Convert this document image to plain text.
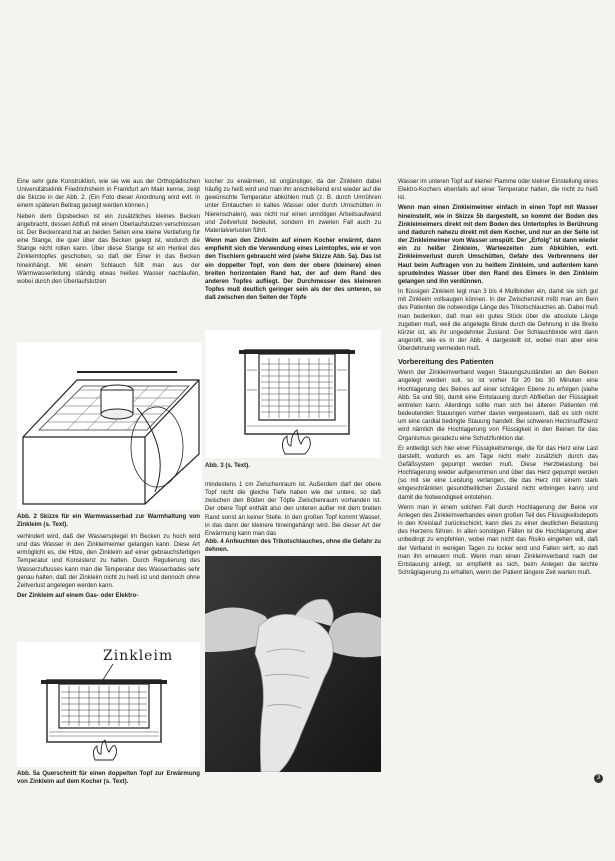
Eine sehr gute Konstruktion, wie sie wie aus der Orthopädischen Universitätsklinik Friedrichsheim in Frankfurt am Main kenne, zeigt die Skizze in der Abb. 2. (Ein Foto dieser Anordnung wird evtl. in einem späteren Beitrag gezeigt werden können.)

Neben dem Gipsbecken ist ein zusätzliches kleines Becken angebracht, dessen Abfluß mit einem Überlaufstutzen verschlossen ist. Der Beckenrand hat an beiden Seiten eine kleine Vertiefung für eine Stange, die quer über das Becken gelegt ist, wodurch die Stange nicht rollen kann. Über diese Stange ist ein Henkel des Zinkleimtopfes geschoben, so daß der Einer in das Becken hineinhängt. Mit einem Schlauch füllt man aus der Wärmwasserleitung ständig etwas heißes Wasser nachlaufen, wobei durch den Überlaufstutzen

Abb. 2 Skizze für ein Warmwasserbad zur Warmhaltung von Zinkleim (s. Text).

verhindert wird, daß der Wasserspiegel im Becken zu hoch wird und das Wasser in den Zinkleimeimer gelangen kann. Diese Art ermöglicht es, die Hitze, den Zinkleim auf einer gebrauchsfertigen Temperatur und Konsistenz zu halten. Durch Regulierung des Wasserzuflusses kann man die Temperatur des Wasserbades sehr genau halten, daß der Zinkleim nicht zu heiß ist und dennoch ohne Zeitverlust angelegen werden kann.

Der Zinkleim auf einem Gas- oder Elektro-

Zinkleim
Abb. 5a Querschnitt für einen doppelten Topf zur Erwärmung von Zinkleim auf dem Kocher (s. Text).

kocher zu erwärmen, ist ungünstiger, da der Zinkleim dabei häufig zu heiß wird und man ihn anschließend erst wieder auf die gewünschte Temperatur abkühlen muß (z. B. durch Umrühren unter Eintauchen in kaltes Wasser oder durch Umschütten in Nierenschalen), was nicht nur einen unnötigen Arbeitsaufwand und Zeitverlust bedeutet, sondern im zweiten Fall auch zu Materialverlusten führt.

Wenn man den Zinkleim auf einem Kocher erwärmt, dann empfiehlt sich die Verwendung eines Leimtopfes, wie er von den Tischlern gebraucht wird (siehe Skizze Abb. 5a). Das ist ein doppelter Topf, von dem der obere (kleinere) einen breiten horizontalen Rand hat, der auf dem Rand des anderen Topfes aufliegt. Der Durchmesser des kleineren Topfes muß deutlich geringer sein als der des unteren, so daß zwischen den Seiten der Töpfe

Abb. 3 (s. Text).

mindestens 1 cm Zwischenraum ist. Außerdem darf der obere Topf nicht die gleiche Tiefe haben wie der untere, so daß zwischen den Böden der Töpfe Zwischenraum vorhanden ist. Der obere Topf enthält also den unteren außer mit dem breiten Rand sonst an keiner Stelle. In den großen Topf kommt Wasser, in das dann der kleinere hineingehängt wird. Bei dieser Art der Erwärmung kann man das

Abb. 4 Anfeuchten des Trikotschlauches, ohne die Gefahr zu dehnen.

Wasser im unteren Topf auf kleiner Flamme oder kleiner Einstellung eines Elektro-Kochers ebenfalls auf einer Temperatur halten, die nicht zu heiß ist.

Wenn man einen Zinkleimeimer einfach in einen Topf mit Wasser hineinstellt, wie in Skizze 5b dargestellt, so kommt der Boden des Zinkleimeimers direkt mit dem Boden des Untertopfes in Berührung und dadurch nahezu direkt mit dem Kocher, und nur an der Seite ist der Zinkleimeimer vom Wasser umspült. Der „Erfolg" ist dann wieder ein zu heißer Zinkleim, Warteezeiten zum Abkühlen, evtl. Zinkleimverlust durch Umschütten, Gefahr des Verbrennens der Haut beim Auftragen von zu heißem Zinkleim, und außerdem kann sprudelndes Wasser über den Rand des Eimers in den Zinkleim gelangen und ihn verdünnen.

In flüssigen Zinkleim legt man 3 bis 4 Mullbinden ein, damit sie sich gut mit Zinkleim vollsaugen können. In der Zwischenzeit mißt man am Bein des Patienten die notwendige Länge des Trikotschlauches ab. Dabei muß man bedenken, daß man ein gutes Stück über die absolute Länge zugeben muß, weil die angelegte Binde durch die Dehnung in die Breite kürzer ist, als ihr ungedehnter Zustand. Der Schlauchbinde wird dann angerollt, wie es in der Abb. 4 dargestellt ist, wobei man aber eine Überdehnung vermeiden muß.

Vorbereitung des Patienten

Wenn der Zinkleimverband wegen Stauungszuständen an den Beinen angelegt werden soll, so ist vorher für 20 bis 30 Minuten eine Hochlagerung des Beines auf einer schrägen Ebene zu erfolgen (siehe Abb. 5a und 5b), damit eine Entstauung durch Abfließen der Flüssigkeit eintreten kann. Allerdings sollte man sich bei älteren Patienten mit bedeutenden Stauungen vorher davon vergewissern, daß es sich nicht um eine cardial bedingte Stauung handelt. Bei schweren Herzinsuffizienz wird nämlich die Hochlagerung von Flüssigkeit in den Beinen für das Organismus geradezu eine Schutzfunktion dar.

Er entledigt sich hier einer Flüssigkeitsmenge, die für das Herz eine Last darstellt, wodurch es am Tage nicht mehr zusätzlich durch das Gefäßsystem gepumpt werden muß. Diese Herzbelastung bei Hochlagerung wieder aufgenommen und über das Herz gepumpt werden (so mit sie eine Leistung verlangen, die das Herz mit einem stark eingeschränkten gesundheitlichen Zustand nicht erbringen kann) und damit die Notwendigkeit entstehen.

Wenn man in einem solchen Fall durch Hochlagerung der Beine vor Anlegen des Zinkleimverbandes einen großen Teil des Flüssigkeitsdepots in den Kreislauf zurückschickt, kann dies zu einer deutlichen Belastung des Herzens führen. In allen sonstigen Fällen ist die Hochlagerung aber unbedingt zu empfehlen, wobei man nicht das Risiko eingehen will, daß der Verband in wenigen Tagen zu locker wird und Falten wirft, so daß man ihn erneuern muß. Wenn man einen Zinkleimverband nach der Entstauung anlegt, so empfiehlt es sich, beim Anlegen die leichte Schräglagerung zu erhalten, wenn der Patient längere Zeit warten muß.

3
